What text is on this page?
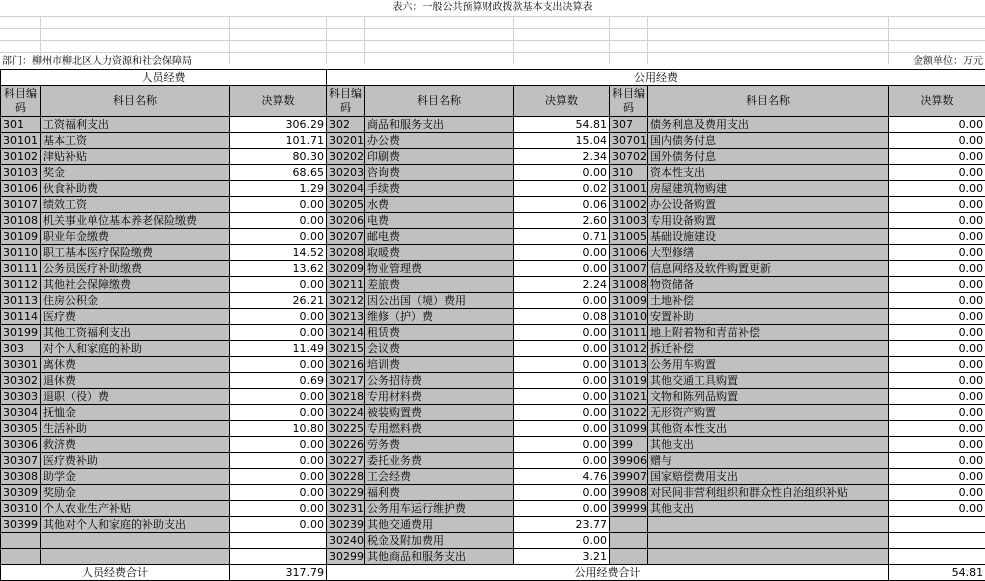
表六：一般公共预算财政拨款基本支出决算表
部门：柳州市柳北区人力资源和社会保障局	金额单位：万元
人员经费			公用经费					
科目编码	科目名称	决算数	科目编码	科目名称	决算数	科目编码	科目名称	决算数
301	工资福利支出	306.29	302	商品和服务支出	54.81	307	债务利息及费用支出	0.00
30101	基本工资	101.71	30201	办公费	15.04	30701	国内债务付息	0.00
30102	津贴补贴	80.30	30202	印刷费	2.34	30702	国外债务付息	0.00
30103	奖金	68.65	30203	咨询费	0.00	310	资本性支出	0.00
30106	伙食补助费	1.29	30204	手续费	0.02	31001	房屋建筑物购建	0.00
30107	绩效工资	0.00	30205	水费	0.06	31002	办公设备购置	0.00
30108	机关事业单位基本养老保险缴费	0.00	30206	电费	2.60	31003	专用设备购置	0.00
30109	职业年金缴费	0.00	30207	邮电费	0.71	31005	基础设施建设	0.00
30110	职工基本医疗保险缴费	14.52	30208	取暖费	0.00	31006	大型修缮	0.00
30111	公务员医疗补助缴费	13.62	30209	物业管理费	0.00	31007	信息网络及软件购置更新	0.00
30112	其他社会保障缴费	0.00	30211	差旅费	2.24	31008	物资储备	0.00
30113	住房公积金	26.21	30212	因公出国（境）费用	0.00	31009	土地补偿	0.00
30114	医疗费	0.00	30213	维修（护）费	0.08	31010	安置补助	0.00
30199	其他工资福利支出	0.00	30214	租赁费	0.00	31011	地上附着物和青苗补偿	0.00
303	对个人和家庭的补助	11.49	30215	会议费	0.00	31012	拆迁补偿	0.00
30301	离休费	0.00	30216	培训费	0.00	31013	公务用车购置	0.00
30302	退休费	0.69	30217	公务招待费	0.00	31019	其他交通工具购置	0.00
30303	退职（役）费	0.00	30218	专用材料费	0.00	31021	文物和陈列品购置	0.00
30304	抚恤金	0.00	30224	被装购置费	0.00	31022	无形资产购置	0.00
30305	生活补助	10.80	30225	专用燃料费	0.00	31099	其他资本性支出	0.00
30306	救济费	0.00	30226	劳务费	0.00	399	其他支出	0.00
30307	医疗费补助	0.00	30227	委托业务费	0.00	39906	赠与	0.00
30308	助学金	0.00	30228	工会经费	4.76	39907	国家赔偿费用支出	0.00
30309	奖励金	0.00	30229	福利费	0.00	39908	对民间非营利组织和群众性自治组织补贴	0.00
30310	个人农业生产补贴	0.00	30231	公务用车运行维护费	0.00	39999	其他支出	0.00
30399	其他对个人和家庭的补助支出	0.00	30239	其他交通费用	23.77			
			30240	税金及附加费用	0.00			
			30299	其他商品和服务支出	3.21			
人员经费合计		317.79	公用经费合计					54.81
